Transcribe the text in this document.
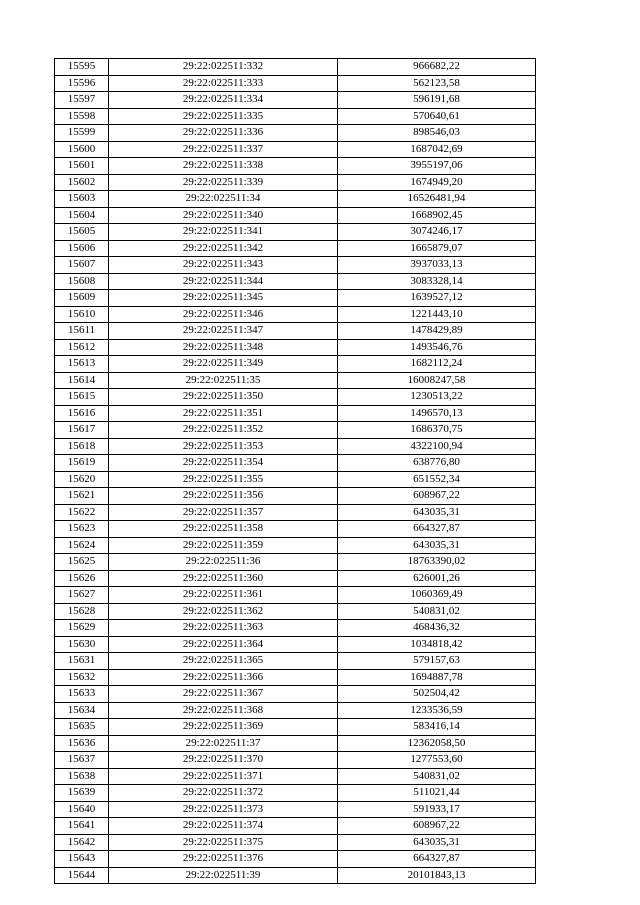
15595	29:22:022511:332	966682,22
15596	29:22:022511:333	562123,58
15597	29:22:022511:334	596191,68
15598	29:22:022511:335	570640,61
15599	29:22:022511:336	898546,03
15600	29:22:022511:337	1687042,69
15601	29:22:022511:338	3955197,06
15602	29:22:022511:339	1674949,20
15603	29:22:022511:34	16526481,94
15604	29:22:022511:340	1668902,45
15605	29:22:022511:341	3074246,17
15606	29:22:022511:342	1665879,07
15607	29:22:022511:343	3937033,13
15608	29:22:022511:344	3083328,14
15609	29:22:022511:345	1639527,12
15610	29:22:022511:346	1221443,10
15611	29:22:022511:347	1478429,89
15612	29:22:022511:348	1493546,76
15613	29:22:022511:349	1682112,24
15614	29:22:022511:35	16008247,58
15615	29:22:022511:350	1230513,22
15616	29:22:022511:351	1496570,13
15617	29:22:022511:352	1686370,75
15618	29:22:022511:353	4322100,94
15619	29:22:022511:354	638776,80
15620	29:22:022511:355	651552,34
15621	29:22:022511:356	608967,22
15622	29:22:022511:357	643035,31
15623	29:22:022511:358	664327,87
15624	29:22:022511:359	643035,31
15625	29:22:022511:36	18763390,02
15626	29:22:022511:360	626001,26
15627	29:22:022511:361	1060369,49
15628	29:22:022511:362	540831,02
15629	29:22:022511:363	468436,32
15630	29:22:022511:364	1034818,42
15631	29:22:022511:365	579157,63
15632	29:22:022511:366	1694887,78
15633	29:22:022511:367	502504,42
15634	29:22:022511:368	1233536,59
15635	29:22:022511:369	583416,14
15636	29:22:022511:37	12362058,50
15637	29:22:022511:370	1277553,60
15638	29:22:022511:371	540831,02
15639	29:22:022511:372	511021,44
15640	29:22:022511:373	591933,17
15641	29:22:022511:374	608967,22
15642	29:22:022511:375	643035,31
15643	29:22:022511:376	664327,87
15644	29:22:022511:39	20101843,13
